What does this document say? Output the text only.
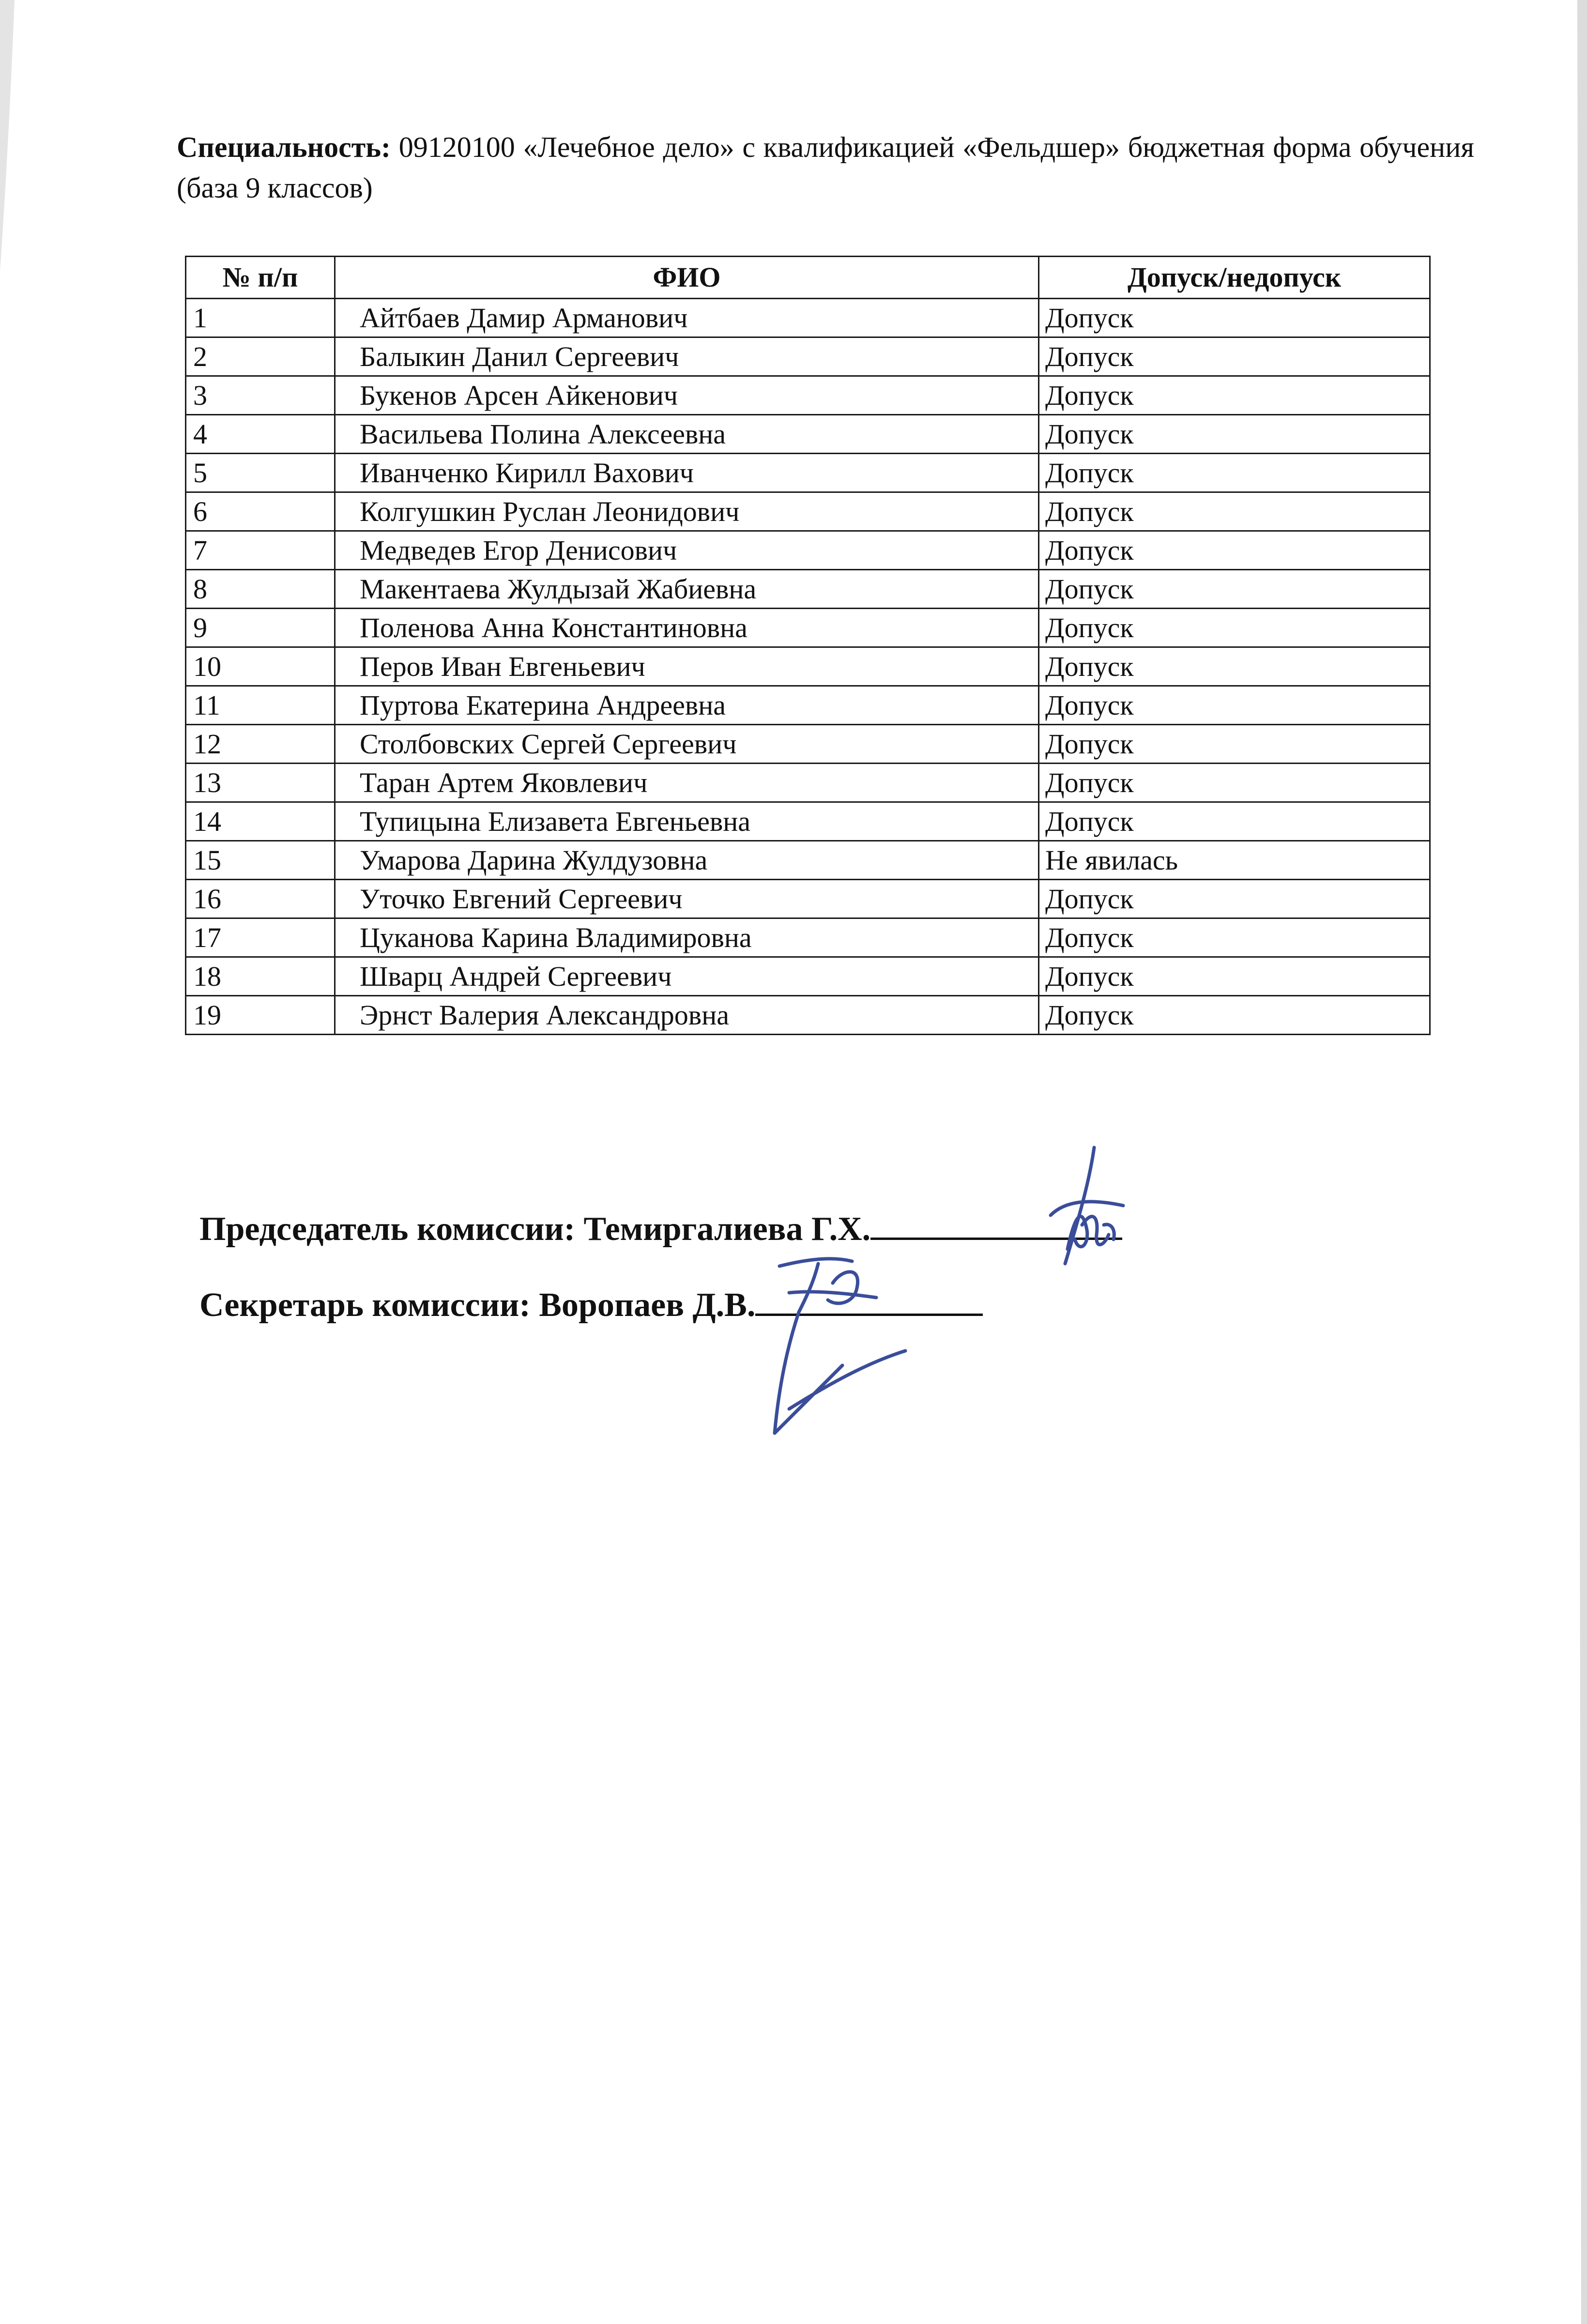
Специальность: 09120100 «Лечебное дело» с квалификацией «Фельдшер» бюджетная форма обучения (база 9 классов)
№ п/п	ФИО	Допуск/недопуск
1	Айтбаев Дамир Арманович	Допуск
2	Балыкин Данил Сергеевич	Допуск
3	Букенов Арсен Айкенович	Допуск
4	Васильева Полина Алексеевна	Допуск
5	Иванченко Кирилл Вахович	Допуск
6	Колгушкин Руслан Леонидович	Допуск
7	Медведев Егор Денисович	Допуск
8	Макентаева Жулдызай Жабиевна	Допуск
9	Поленова Анна Константиновна	Допуск
10	Перов Иван Евгеньевич	Допуск
11	Пуртова Екатерина Андреевна	Допуск
12	Столбовских Сергей Сергеевич	Допуск
13	Таран Артем Яковлевич	Допуск
14	Тупицына Елизавета Евгеньевна	Допуск
15	Умарова Дарина Жулдузовна	Не явилась
16	Уточко Евгений Сергеевич	Допуск
17	Цуканова Карина Владимировна	Допуск
18	Шварц Андрей Сергеевич	Допуск
19	Эрнст Валерия Александровна	Допуск
Председатель комиссии: Темиргалиева Г.Х.
Секретарь комиссии: Воропаев Д.В.
